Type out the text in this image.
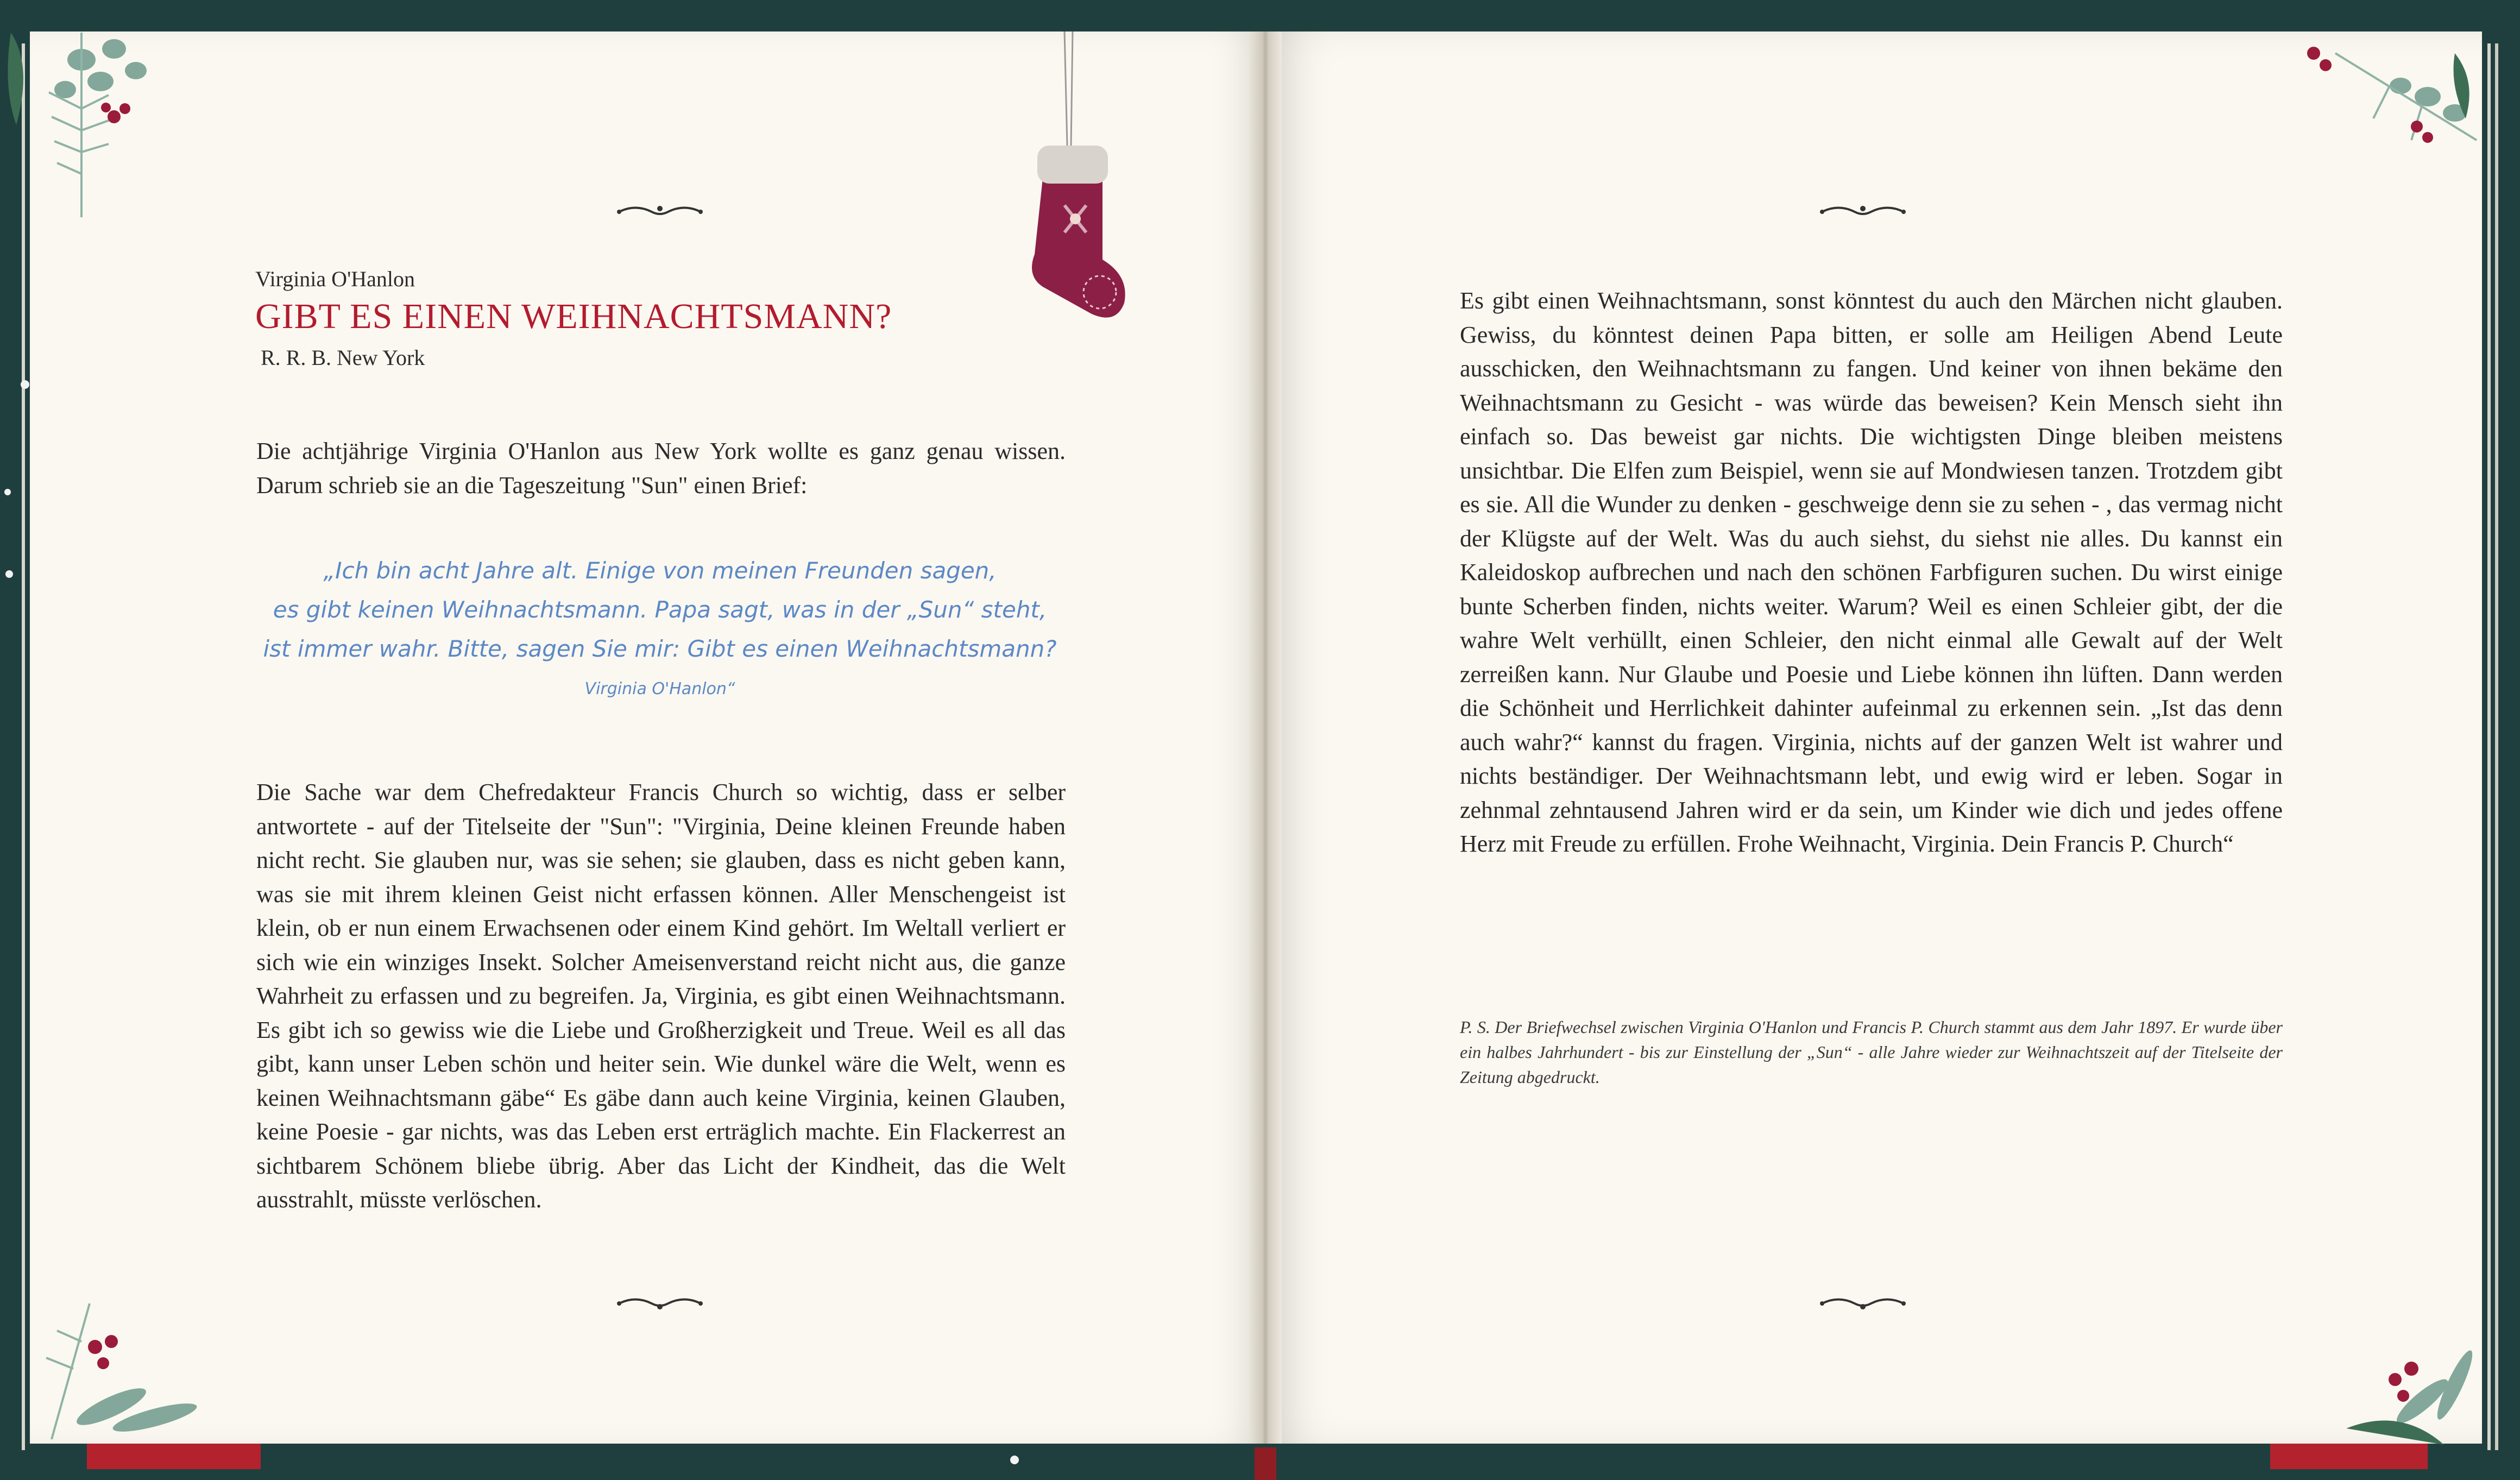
Virginia O'Hanlon
GIBT ES EINEN WEIHNACHTSMANN?
R. R. B. New York
Die achtjährige Virginia O'Hanlon aus New York wollte es ganz genau wissen. Darum schrieb sie an die Tageszeitung "Sun" einen Brief:
„Ich bin acht Jahre alt. Einige von meinen Freunden sagen,
es gibt keinen Weihnachtsmann. Papa sagt, was in der „Sun“ steht,
ist immer wahr. Bitte, sagen Sie mir: Gibt es einen Weihnachtsmann?
Virginia O'Hanlon“
Die Sache war dem Chefredakteur Francis Church so wichtig, dass er selber antwortete - auf der Titelseite der "Sun": "Virginia, Deine kleinen Freunde haben nicht recht. Sie glauben nur, was sie sehen; sie glauben, dass es nicht geben kann, was sie mit ihrem kleinen Geist nicht erfassen können. Aller Menschengeist ist klein, ob er nun einem Erwachsenen oder einem Kind gehört. Im Weltall verliert er sich wie ein winziges Insekt. Solcher Ameisenverstand reicht nicht aus, die ganze Wahrheit zu erfassen und zu begreifen. Ja, Virginia, es gibt einen Weihnachtsmann. Es gibt ich so gewiss wie die Liebe und Großherzigkeit und Treue. Weil es all das gibt, kann unser Leben schön und heiter sein. Wie dunkel wäre die Welt, wenn es keinen Weihnachtsmann gäbe“ Es gäbe dann auch keine Virginia, keinen Glauben, keine Poesie - gar nichts, was das Leben erst erträglich machte. Ein Flackerrest an sichtbarem Schönem bliebe übrig. Aber das Licht der Kindheit, das die Welt ausstrahlt, müsste verlöschen.
Es gibt einen Weihnachtsmann, sonst könntest du auch den Märchen nicht glauben. Gewiss, du könntest deinen Papa bitten, er solle am Heiligen Abend Leute ausschicken, den Weihnachtsmann zu fangen. Und keiner von ihnen bekäme den Weihnachtsmann zu Gesicht - was würde das beweisen? Kein Mensch sieht ihn einfach so. Das beweist gar nichts. Die wichtigsten Dinge bleiben meistens unsichtbar. Die Elfen zum Beispiel, wenn sie auf Mondwiesen tanzen. Trotzdem gibt es sie. All die Wunder zu denken - geschweige denn sie zu sehen - , das vermag nicht der Klügste auf der Welt. Was du auch siehst, du siehst nie alles. Du kannst ein Kaleidoskop aufbrechen und nach den schönen Farbfiguren suchen. Du wirst einige bunte Scherben finden, nichts weiter. Warum? Weil es einen Schleier gibt, der die wahre Welt verhüllt, einen Schleier, den nicht einmal alle Gewalt auf der Welt zerreißen kann. Nur Glaube und Poesie und Liebe können ihn lüften. Dann werden die Schönheit und Herrlichkeit dahinter aufeinmal zu erkennen sein. „Ist das denn auch wahr?“ kannst du fragen. Virginia, nichts auf der ganzen Welt ist wahrer und nichts beständiger. Der Weihnachtsmann lebt, und ewig wird er leben. Sogar in zehnmal zehntausend Jahren wird er da sein, um Kinder wie dich und jedes offene Herz mit Freude zu erfüllen. Frohe Weihnacht, Virginia. Dein Francis P. Church“
P. S. Der Briefwechsel zwischen Virginia O'Hanlon und Francis P. Church stammt aus dem Jahr 1897. Er wurde über ein halbes Jahrhundert - bis zur Einstellung der „Sun“ - alle Jahre wieder zur Weihnachtszeit auf der Titelseite der Zeitung abgedruckt.
